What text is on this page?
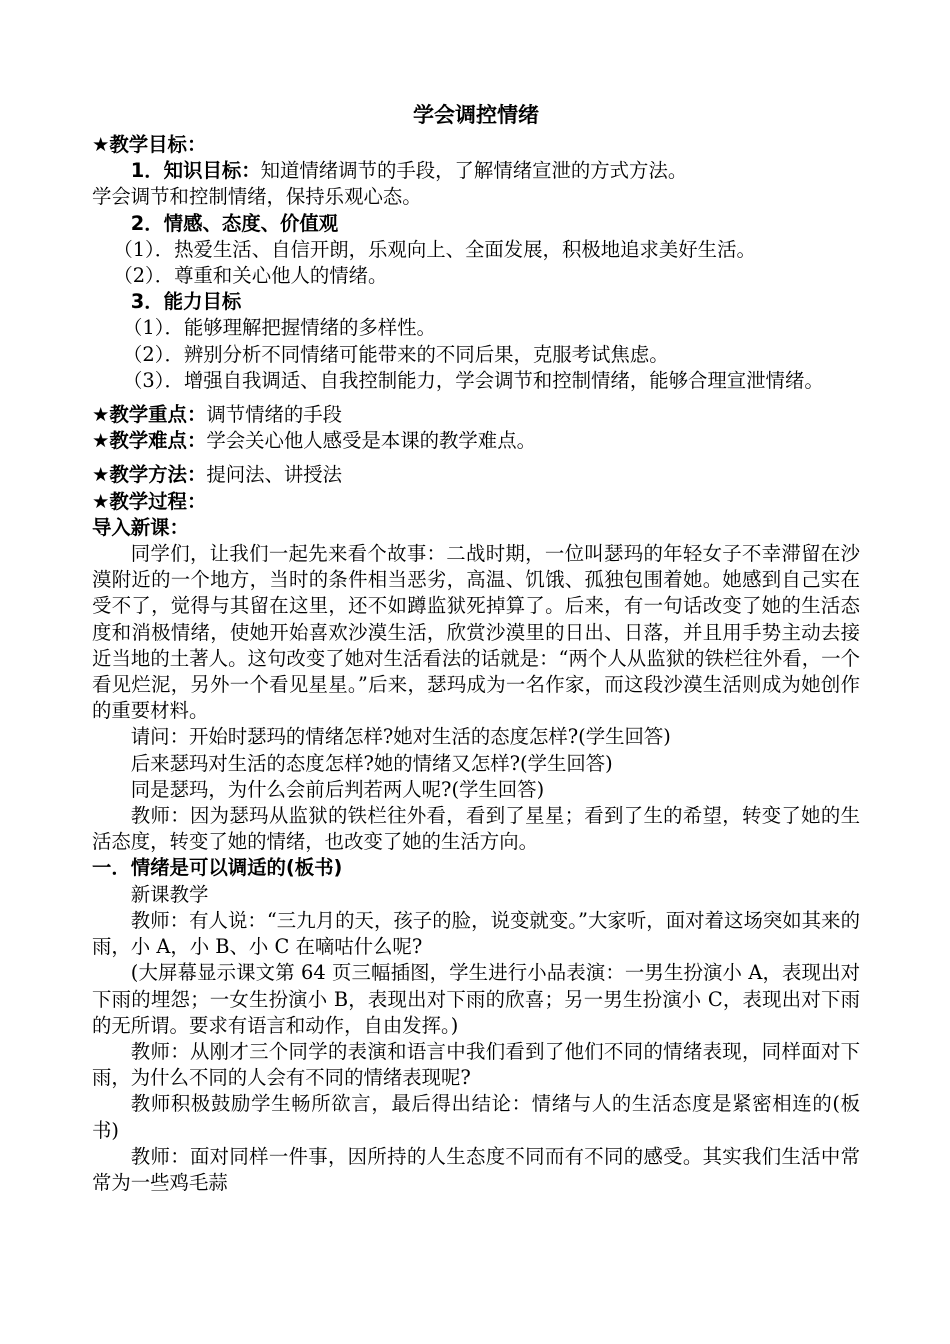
学会调控情绪

★教学目标：

1．知识目标：知道情绪调节的手段，了解情绪宣泄的方式方法。

学会调节和控制情绪，保持乐观心态。

2．情感、态度、价值观

（1）．热爱生活、自信开朗，乐观向上、全面发展，积极地追求美好生活。

（2）．尊重和关心他人的情绪。

3．能力目标

（1）．能够理解把握情绪的多样性。

（2）．辨别分析不同情绪可能带来的不同后果，克服考试焦虑。

（3）．增强自我调适、自我控制能力，学会调节和控制情绪，能够合理宣泄情绪。

★教学重点：调节情绪的手段

★教学难点：学会关心他人感受是本课的教学难点。

★教学方法：提问法、讲授法

★教学过程：

导入新课：

同学们，让我们一起先来看个故事：二战时期，一位叫瑟玛的年轻女子不幸滞留在沙漠附近的一个地方，当时的条件相当恶劣，高温、饥饿、孤独包围着她。她感到自己实在受不了，觉得与其留在这里，还不如蹲监狱死掉算了。后来，有一句话改变了她的生活态度和消极情绪，使她开始喜欢沙漠生活，欣赏沙漠里的日出、日落，并且用手势主动去接近当地的土著人。这句改变了她对生活看法的话就是：“两个人从监狱的铁栏往外看，一个看见烂泥，另外一个看见星星。”后来，瑟玛成为一名作家，而这段沙漠生活则成为她创作的重要材料。

请问：开始时瑟玛的情绪怎样?她对生活的态度怎样?(学生回答)

后来瑟玛对生活的态度怎样?她的情绪又怎样?(学生回答)

同是瑟玛，为什么会前后判若两人呢?(学生回答)

教师：因为瑟玛从监狱的铁栏往外看，看到了星星；看到了生的希望，转变了她的生活态度，转变了她的情绪，也改变了她的生活方向。

一．情绪是可以调适的(板书)

新课教学

教师：有人说：“三九月的天，孩子的脸，说变就变。”大家听，面对着这场突如其来的雨，小 A，小 B、小 C 在嘀咕什么呢?

(大屏幕显示课文第 64 页三幅插图，学生进行小品表演：一男生扮演小 A，表现出对下雨的埋怨；一女生扮演小 B，表现出对下雨的欣喜；另一男生扮演小 C，表现出对下雨的无所谓。要求有语言和动作，自由发挥。)

教师：从刚才三个同学的表演和语言中我们看到了他们不同的情绪表现，同样面对下雨，为什么不同的人会有不同的情绪表现呢?

教师积极鼓励学生畅所欲言，最后得出结论：情绪与人的生活态度是紧密相连的(板书)

教师：面对同样一件事，因所持的人生态度不同而有不同的感受。其实我们生活中常常为一些鸡毛蒜
